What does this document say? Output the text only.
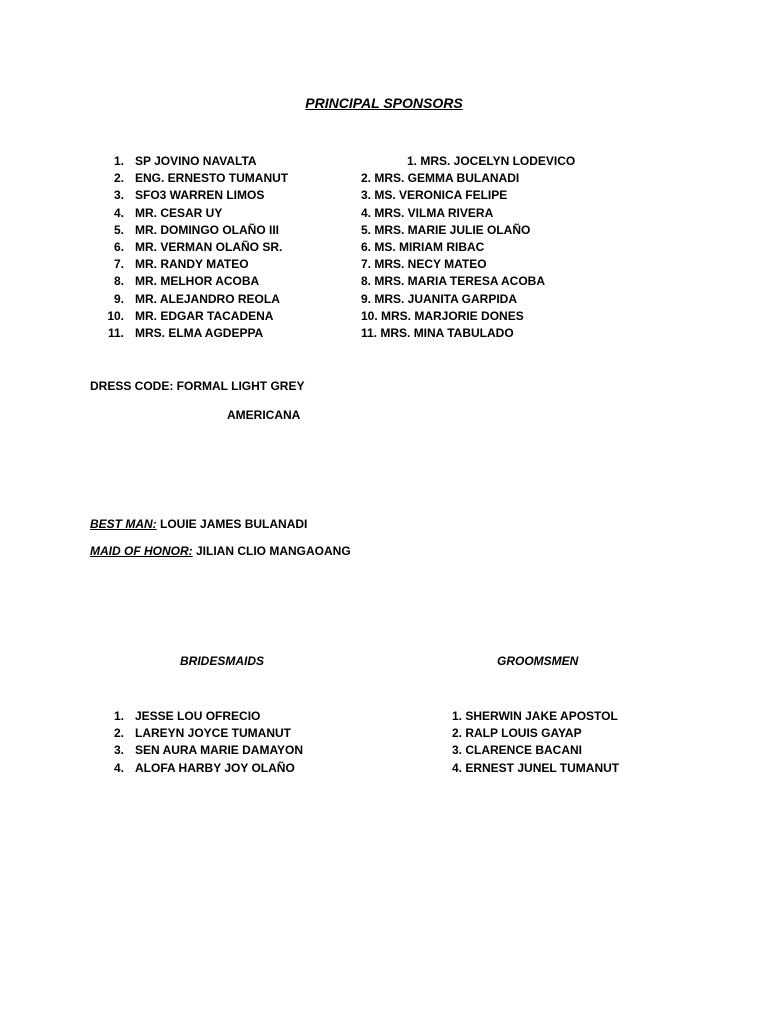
PRINCIPAL SPONSORS
1. SP JOVINO NAVALTA
2. ENG. ERNESTO TUMANUT
3. SFO3 WARREN LIMOS
4. MR. CESAR UY
5. MR. DOMINGO OLAÑO III
6. MR. VERMAN OLAÑO SR.
7. MR. RANDY MATEO
8. MR. MELHOR ACOBA
9. MR. ALEJANDRO REOLA
10. MR. EDGAR TACADENA
11. MRS. ELMA AGDEPPA
1. MRS. JOCELYN LODEVICO
2. MRS. GEMMA BULANADI
3. MS. VERONICA FELIPE
4. MRS. VILMA RIVERA
5. MRS. MARIE JULIE OLAÑO
6. MS. MIRIAM RIBAC
7. MRS. NECY MATEO
8. MRS. MARIA TERESA ACOBA
9. MRS. JUANITA GARPIDA
10. MRS. MARJORIE DONES
11. MRS. MINA TABULADO
DRESS CODE: FORMAL LIGHT GREY
AMERICANA
BEST MAN: LOUIE JAMES BULANADI
MAID OF HONOR: JILIAN CLIO MANGAOANG
BRIDESMAIDS	GROOMSMEN
1. JESSE LOU OFRECIO
2. LAREYN JOYCE TUMANUT
3. SEN AURA MARIE DAMAYON
4. ALOFA HARBY JOY OLAÑO
1. SHERWIN JAKE APOSTOL
2. RALP LOUIS GAYAP
3. CLARENCE BACANI
4. ERNEST JUNEL TUMANUT
